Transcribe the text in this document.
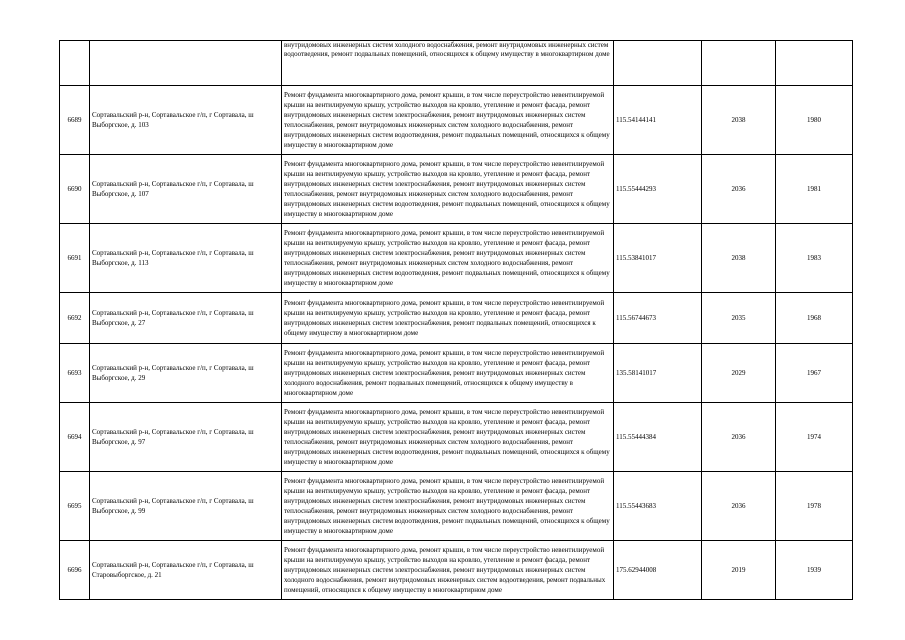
		внутридомовых инженерных систем холодного водоснабжения, ремонт внутридомовых инженерных систем водоотведения, ремонт подвальных помещений, относящихся к общему имуществу в многоквартирном доме			
6689	Сортавальский р-н, Сортавальское г/п, г Сортавала, ш Выборгское, д. 103	Ремонт фундамента многоквартирного дома, ремонт крыши, в том числе переустройство невентилируемой крыши на вентилируемую крышу, устройство выходов на кровлю, утепление и ремонт фасада, ремонт внутридомовых инженерных систем электроснабжения, ремонт внутридомовых инженерных систем теплоснабжения, ремонт внутридомовых инженерных систем холодного водоснабжения, ремонт внутридомовых инженерных систем водоотведения, ремонт подвальных помещений, относящихся к общему имуществу в многоквартирном доме	115.54144141	2038	1980
6690	Сортавальский р-н, Сортавальское г/п, г Сортавала, ш Выборгское, д. 107	Ремонт фундамента многоквартирного дома, ремонт крыши, в том числе переустройство невентилируемой крыши на вентилируемую крышу, устройство выходов на кровлю, утепление и ремонт фасада, ремонт внутридомовых инженерных систем электроснабжения, ремонт внутридомовых инженерных систем теплоснабжения, ремонт внутридомовых инженерных систем холодного водоснабжения, ремонт внутридомовых инженерных систем водоотведения, ремонт подвальных помещений, относящихся к общему имуществу в многоквартирном доме	115.55444293	2036	1981
6691	Сортавальский р-н, Сортавальское г/п, г Сортавала, ш Выборгское, д. 113	Ремонт фундамента многоквартирного дома, ремонт крыши, в том числе переустройство невентилируемой крыши на вентилируемую крышу, устройство выходов на кровлю, утепление и ремонт фасада, ремонт внутридомовых инженерных систем электроснабжения, ремонт внутридомовых инженерных систем теплоснабжения, ремонт внутридомовых инженерных систем холодного водоснабжения, ремонт внутридомовых инженерных систем водоотведения, ремонт подвальных помещений, относящихся к общему имуществу в многоквартирном доме	115.53841017	2038	1983
6692	Сортавальский р-н, Сортавальское г/п, г Сортавала, ш Выборгское, д. 27	Ремонт фундамента многоквартирного дома, ремонт крыши, в том числе переустройство невентилируемой крыши на вентилируемую крышу, устройство выходов на кровлю, утепление и ремонт фасада, ремонт внутридомовых инженерных систем электроснабжения, ремонт подвальных помещений, относящихся к общему имуществу в многоквартирном доме	115.56744673	2035	1968
6693	Сортавальский р-н, Сортавальское г/п, г Сортавала, ш Выборгское, д. 29	Ремонт фундамента многоквартирного дома, ремонт крыши, в том числе переустройство невентилируемой крыши на вентилируемую крышу, устройство выходов на кровлю, утепление и ремонт фасада, ремонт внутридомовых инженерных систем электроснабжения, ремонт внутридомовых инженерных систем холодного водоснабжения, ремонт подвальных помещений, относящихся к общему имуществу в многоквартирном доме	135.58141017	2029	1967
6694	Сортавальский р-н, Сортавальское г/п, г Сортавала, ш Выборгское, д. 97	Ремонт фундамента многоквартирного дома, ремонт крыши, в том числе переустройство невентилируемой крыши на вентилируемую крышу, устройство выходов на кровлю, утепление и ремонт фасада, ремонт внутридомовых инженерных систем электроснабжения, ремонт внутридомовых инженерных систем теплоснабжения, ремонт внутридомовых инженерных систем холодного водоснабжения, ремонт внутридомовых инженерных систем водоотведения, ремонт подвальных помещений, относящихся к общему имуществу в многоквартирном доме	115.55444384	2036	1974
6695	Сортавальский р-н, Сортавальское г/п, г Сортавала, ш Выборгское, д. 99	Ремонт фундамента многоквартирного дома, ремонт крыши, в том числе переустройство невентилируемой крыши на вентилируемую крышу, устройство выходов на кровлю, утепление и ремонт фасада, ремонт внутридомовых инженерных систем электроснабжения, ремонт внутридомовых инженерных систем теплоснабжения, ремонт внутридомовых инженерных систем холодного водоснабжения, ремонт внутридомовых инженерных систем водоотведения, ремонт подвальных помещений, относящихся к общему имуществу в многоквартирном доме	115.55443683	2036	1978
6696	Сортавальский р-н, Сортавальское г/п, г Сортавала, ш Старовыборгское, д. 21	Ремонт фундамента многоквартирного дома, ремонт крыши, в том числе переустройство невентилируемой крыши на вентилируемую крышу, устройство выходов на кровлю, утепление и ремонт фасада, ремонт внутридомовых инженерных систем электроснабжения, ремонт внутридомовых инженерных систем холодного водоснабжения, ремонт внутридомовых инженерных систем водоотведения, ремонт подвальных помещений, относящихся к общему имуществу в многоквартирном доме	175.62944008	2019	1939
